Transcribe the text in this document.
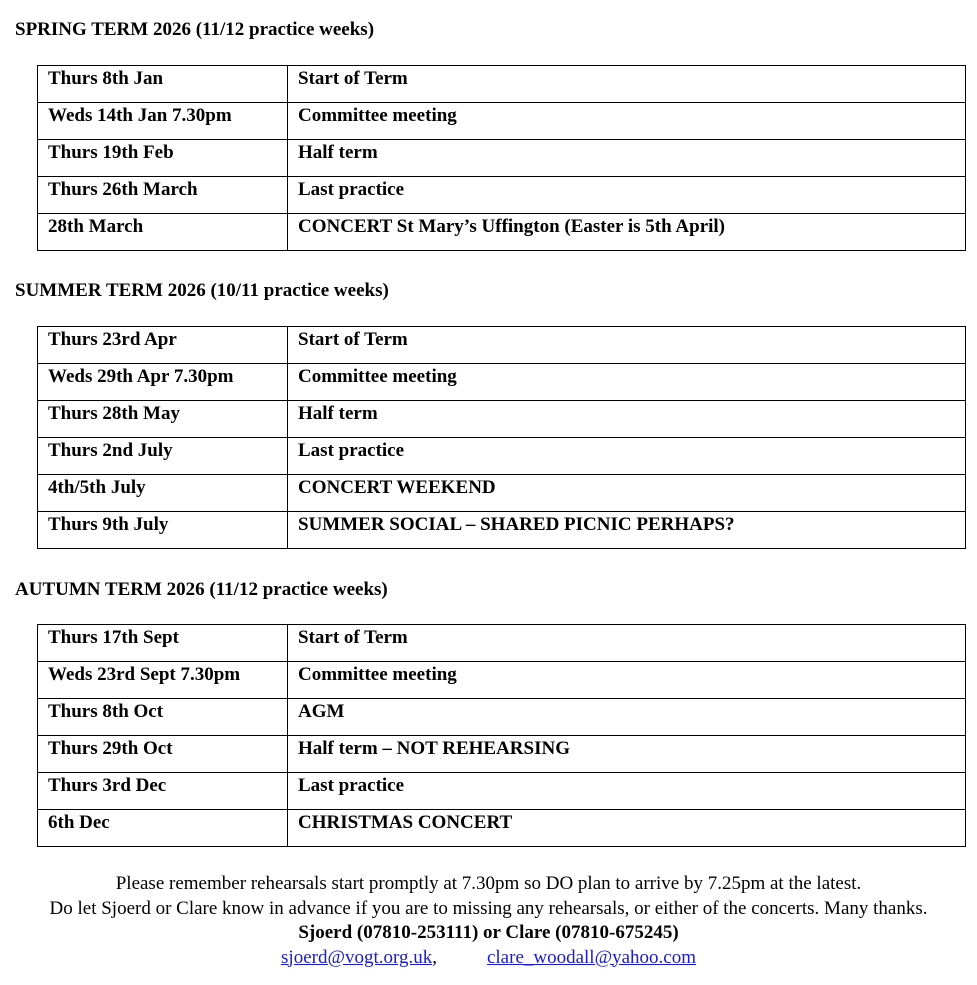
SPRING TERM 2026 (11/12 practice weeks)
Thurs 8th Jan	Start of Term
Weds 14th Jan 7.30pm	Committee meeting
Thurs 19th Feb	Half term
Thurs 26th March	Last practice
28th March	CONCERT St Mary’s Uffington (Easter is 5th April)
SUMMER TERM 2026 (10/11 practice weeks)
Thurs 23rd Apr	Start of Term
Weds 29th Apr 7.30pm	Committee meeting
Thurs 28th May	Half term
Thurs 2nd July	Last practice
4th/5th July	CONCERT WEEKEND
Thurs 9th July	SUMMER SOCIAL – SHARED PICNIC PERHAPS?
AUTUMN TERM 2026 (11/12 practice weeks)
Thurs 17th Sept	Start of Term
Weds 23rd Sept 7.30pm	Committee meeting
Thurs 8th Oct	AGM
Thurs 29th Oct	Half term – NOT REHEARSING
Thurs 3rd Dec	Last practice
6th Dec	CHRISTMAS CONCERT
Please remember rehearsals start promptly at 7.30pm so DO plan to arrive by 7.25pm at the latest.
Do let Sjoerd or Clare know in advance if you are to missing any rehearsals, or either of the concerts. Many thanks.
Sjoerd (07810-253111) or Clare (07810-675245)
sjoerd@vogt.org.uk,	clare_woodall@yahoo.com
